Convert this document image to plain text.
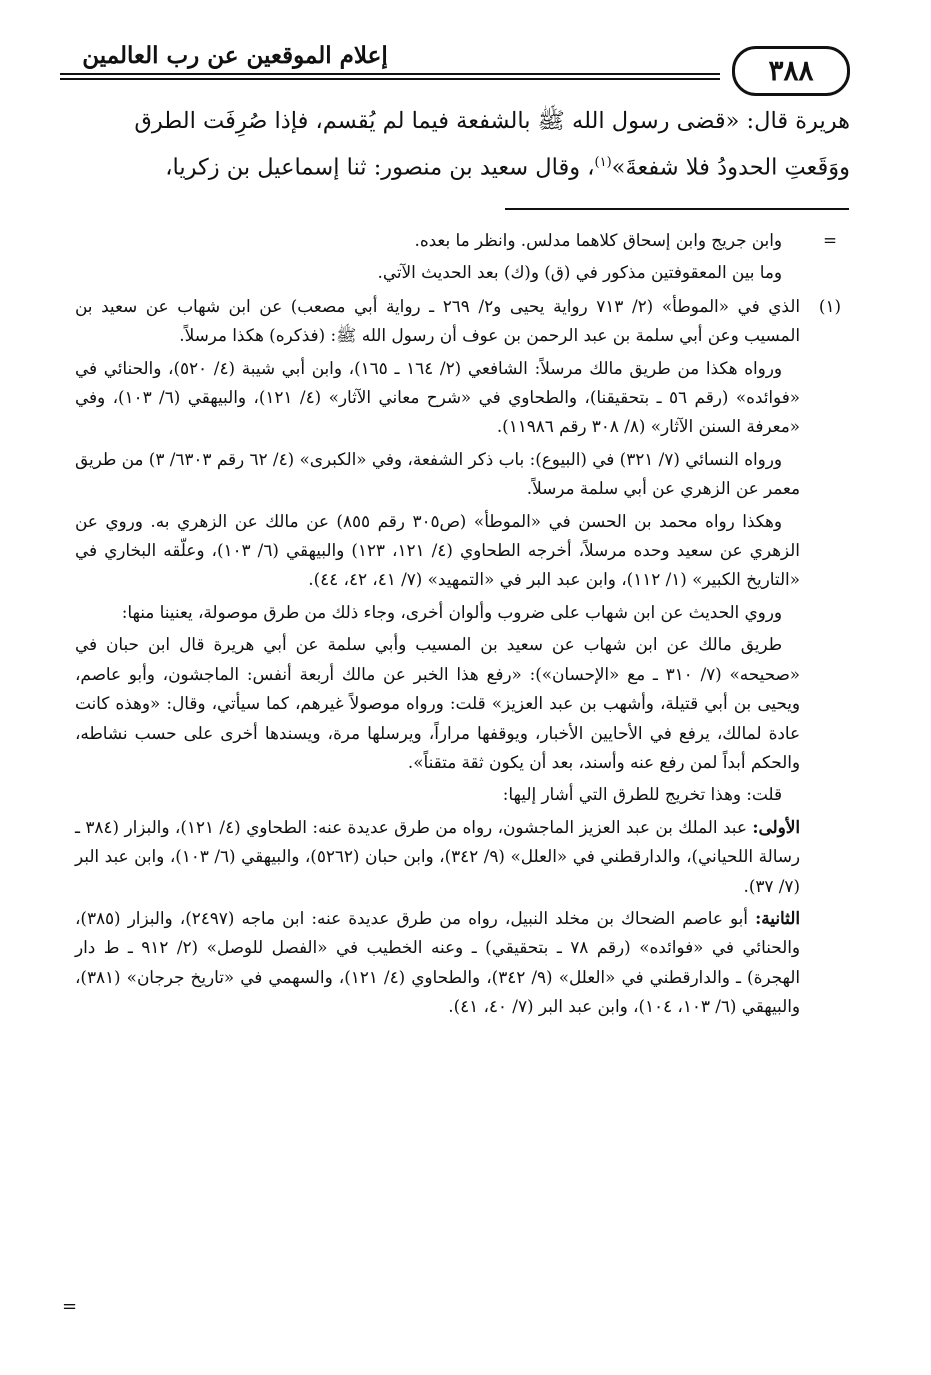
إعلام الموقعين عن رب العالمين	٣٨٨

هريرة قال: «قضى رسول الله ﷺ بالشفعة فيما لم يُقسم، فإذا صُرِفَت الطرق

ووَقَعتِ الحدودُ فلا شفعةَ»$^{(١)}$، وقال سعيد بن منصور: ثنا إسماعيل بن زكريا،

=

وابن جريج وابن إسحاق كلاهما مدلس. وانظر ما بعده.

وما بين المعقوفتين مذكور في (ق) و(ك) بعد الحديث الآتي.

(١)

الذي في «الموطأ» (٢/ ٧١٣ رواية يحيى و٢/ ٢٦٩ ـ رواية أبي مصعب) عن ابن شهاب عن سعيد بن المسيب وعن أبي سلمة بن عبد الرحمن بن عوف أن رسول الله ﷺ: (فذكره) هكذا مرسلاً.

ورواه هكذا من طريق مالك مرسلاً: الشافعي (٢/ ١٦٤ ـ ١٦٥)، وابن أبي شيبة (٤/ ٥٢٠)، والحنائي في «فوائده» (رقم ٥٦ ـ بتحقيقنا)، والطحاوي في «شرح معاني الآثار» (٤/ ١٢١)، والبيهقي (٦/ ١٠٣)، وفي «معرفة السنن الآثار» (٨/ ٣٠٨ رقم ١١٩٨٦).

ورواه النسائي (٧/ ٣٢١) في (البيوع): باب ذكر الشفعة، وفي «الكبرى» (٤/ ٦٢ رقم ٦٣٠٣/ ٣) من طريق معمر عن الزهري عن أبي سلمة مرسلاً.

وهكذا رواه محمد بن الحسن في «الموطأ» (ص٣٠٥ رقم ٨٥٥) عن مالك عن الزهري به. وروي عن الزهري عن سعيد وحده مرسلاً، أخرجه الطحاوي (٤/ ١٢١، ١٢٣) والبيهقي (٦/ ١٠٣)، وعلّقه البخاري في «التاريخ الكبير» (١/ ١١٢)، وابن عبد البر في «التمهيد» (٧/ ٤١، ٤٢، ٤٤).

وروي الحديث عن ابن شهاب على ضروب وألوان أخرى، وجاء ذلك من طرق موصولة، يعنينا منها:

طريق مالك عن ابن شهاب عن سعيد بن المسيب وأبي سلمة عن أبي هريرة قال ابن حبان في «صحيحه» (٧/ ٣١٠ ـ مع «الإحسان»): «رفع هذا الخبر عن مالك أربعة أنفس: الماجشون، وأبو عاصم، ويحيى بن أبي قتيلة، وأشهب بن عبد العزيز» قلت: ورواه موصولاً غيرهم، كما سيأتي، وقال: «وهذه كانت عادة لمالك، يرفع في الأحايين الأخبار، ويوقفها مراراً، ويرسلها مرة، ويسندها أخرى على حسب نشاطه، والحكم أبداً لمن رفع عنه وأسند، بعد أن يكون ثقة متقناً».

قلت: وهذا تخريج للطرق التي أشار إليها:

الأولى: عبد الملك بن عبد العزيز الماجشون، رواه من طرق عديدة عنه: الطحاوي (٤/ ١٢١)، والبزار (٣٨٤ ـ رسالة اللحياني)، والدارقطني في «العلل» (٩/ ٣٤٢)، وابن حبان (٥٢٦٢)، والبيهقي (٦/ ١٠٣)، وابن عبد البر (٧/ ٣٧).

الثانية: أبو عاصم الضحاك بن مخلد النبيل، رواه من طرق عديدة عنه: ابن ماجه (٢٤٩٧)، والبزار (٣٨٥)، والحنائي في «فوائده» (رقم ٧٨ ـ بتحقيقي) ـ وعنه الخطيب في «الفصل للوصل» (٢/ ٩١٢ ـ ط دار الهجرة) ـ والدارقطني في «العلل» (٩/ ٣٤٢)، والطحاوي (٤/ ١٢١)، والسهمي في «تاريخ جرجان» (٣٨١)، والبيهقي (٦/ ١٠٣، ١٠٤)، وابن عبد البر (٧/ ٤٠، ٤١).

=
